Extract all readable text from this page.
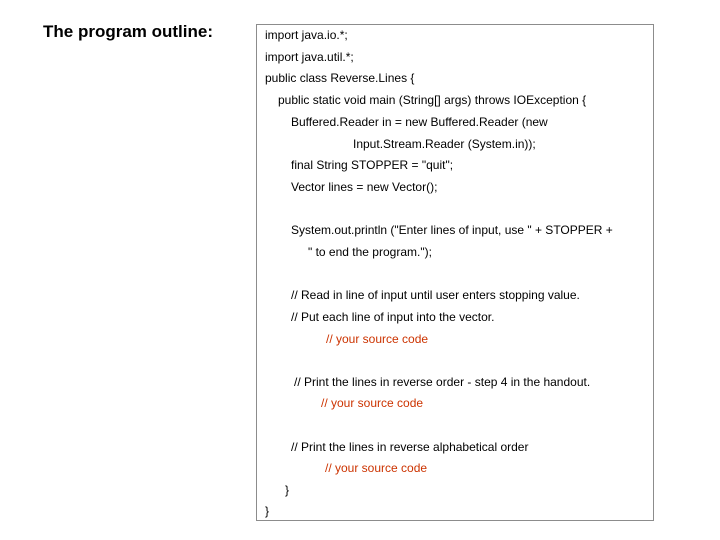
The program outline:	import java.io.*;

import java.util.*;

public class Reverse.Lines {

public static void main (String[] args) throws IOException {

Buffered.Reader in = new Buffered.Reader (new

Input.Stream.Reader (System.in));

final String STOPPER = "quit";

Vector lines = new Vector();

System.out.println ("Enter lines of input, use " + STOPPER +

" to end the program.");

// Read in line of input until user enters stopping value.

// Put each line of input into the vector.

// your source code

// Print the lines in reverse order - step 4 in the handout.

// your source code

// Print the lines in reverse alphabetical order

// your source code

}

}
